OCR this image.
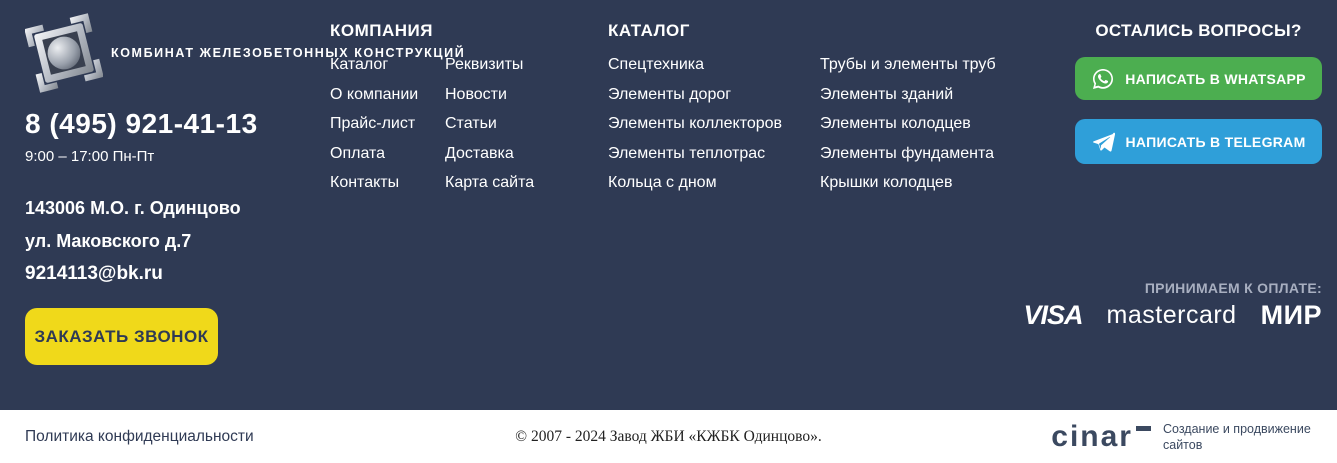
КОМБИНАТ ЖЕЛЕЗОБЕТОННЫХ КОНСТРУКЦИЙ
8 (495) 921-41-13
9:00 – 17:00 Пн-Пт
143006 М.О. г. Одинцово ул. Маковского д.7
9214113@bk.ru
ЗАКАЗАТЬ ЗВОНОК
КОМПАНИЯ
Каталог
О компании
Прайс-лист
Оплата
Контакты
Реквизиты
Новости
Статьи
Доставка
Карта сайта
КАТАЛОГ
Спецтехника
Элементы дорог
Элементы коллекторов
Элементы теплотрас
Кольца с дном
Трубы и элементы труб
Элементы зданий
Элементы колодцев
Элементы фундамента
Крышки колодцев
ОСТАЛИСЬ ВОПРОСЫ?
НАПИСАТЬ В WHATSAPP
НАПИСАТЬ В TELEGRAM
ПРИНИМАЕМ К ОПЛАТЕ:
VISA mastercard МИР
Политика конфиденциальности	© 2007 - 2024 Завод ЖБИ «КЖБК Одинцово».	cinar Создание и продвижение сайтов
